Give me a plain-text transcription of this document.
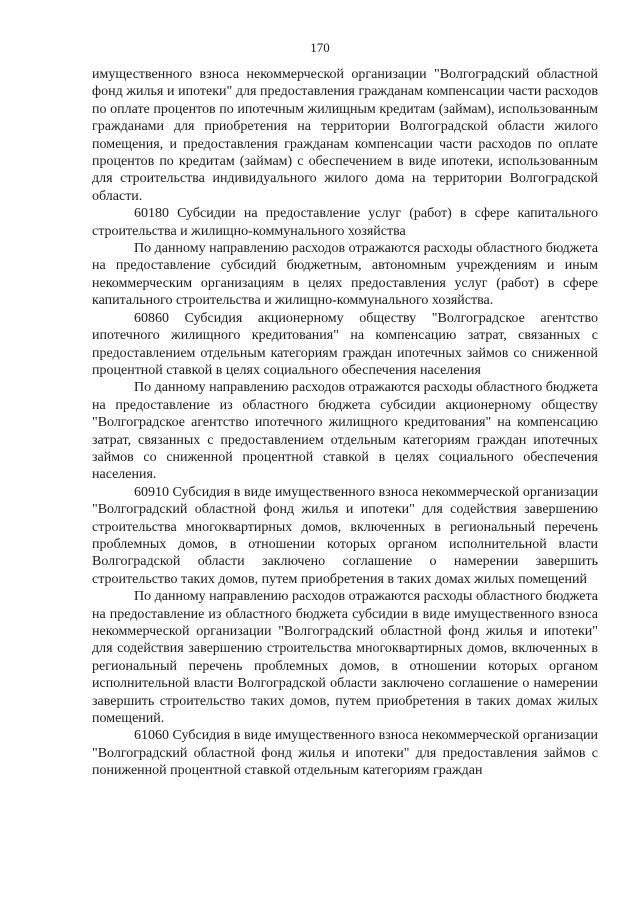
170

имущественного взноса некоммерческой организации "Волгоградский областной фонд жилья и ипотеки" для предоставления гражданам компенсации части расходов по оплате процентов по ипотечным жилищным кредитам (займам), использованным гражданами для приобретения на территории Волгоградской области жилого помещения, и предоставления гражданам компенсации части расходов по оплате процентов по кредитам (займам) с обеспечением в виде ипотеки, использованным для строительства индивидуального жилого дома на территории Волгоградской области.

60180 Субсидии на предоставление услуг (работ) в сфере капитального строительства и жилищно-коммунального хозяйства

По данному направлению расходов отражаются расходы областного бюджета на предоставление субсидий бюджетным, автономным учреждениям и иным некоммерческим организациям в целях предоставления услуг (работ) в сфере капитального строительства и жилищно-коммунального хозяйства.

60860 Субсидия акционерному обществу "Волгоградское агентство ипотечного жилищного кредитования" на компенсацию затрат, связанных с предоставлением отдельным категориям граждан ипотечных займов со сниженной процентной ставкой в целях социального обеспечения населения

По данному направлению расходов отражаются расходы областного бюджета на предоставление из областного бюджета субсидии акционерному обществу "Волгоградское агентство ипотечного жилищного кредитования" на компенсацию затрат, связанных с предоставлением отдельным категориям граждан ипотечных займов со сниженной процентной ставкой в целях социального обеспечения населения.

60910 Субсидия в виде имущественного взноса некоммерческой организации "Волгоградский областной фонд жилья и ипотеки" для содействия завершению строительства многоквартирных домов, включенных в региональный перечень проблемных домов, в отношении которых органом исполнительной власти Волгоградской области заключено соглашение о намерении завершить строительство таких домов, путем приобретения в таких домах жилых помещений

По данному направлению расходов отражаются расходы областного бюджета на предоставление из областного бюджета субсидии в виде имущественного взноса некоммерческой организации "Волгоградский областной фонд жилья и ипотеки" для содействия завершению строительства многоквартирных домов, включенных в региональный перечень проблемных домов, в отношении которых органом исполнительной власти Волгоградской области заключено соглашение о намерении завершить строительство таких домов, путем приобретения в таких домах жилых помещений.

61060 Субсидия в виде имущественного взноса некоммерческой организации "Волгоградский областной фонд жилья и ипотеки" для предоставления займов с пониженной процентной ставкой отдельным категориям граждан
